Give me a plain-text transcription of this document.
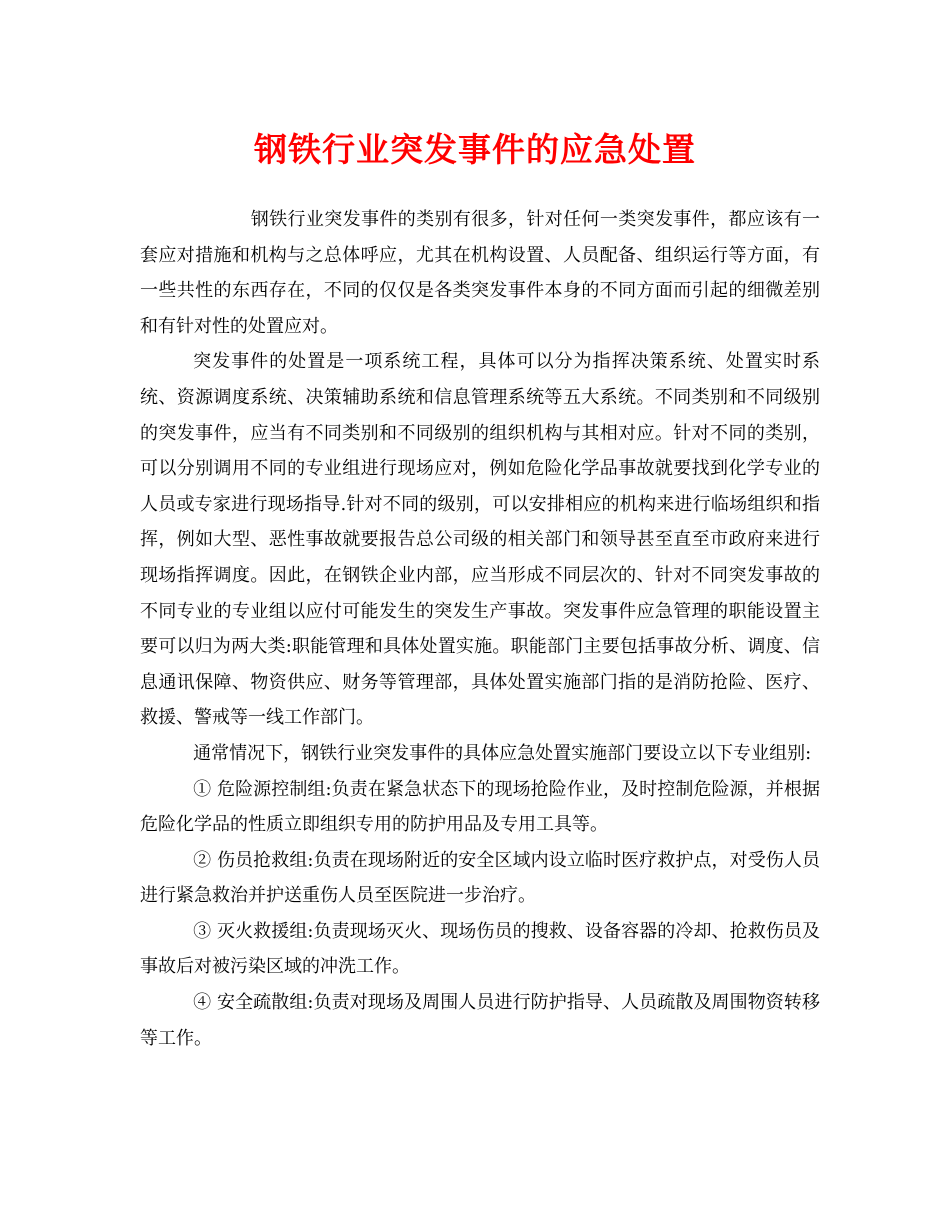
钢铁行业突发事件的应急处置

钢铁行业突发事件的类别有很多，针对任何一类突发事件，都应该有一套应对措施和机构与之总体呼应，尤其在机构设置、人员配备、组织运行等方面，有一些共性的东西存在，不同的仅仅是各类突发事件本身的不同方面而引起的细微差别和有针对性的处置应对。

突发事件的处置是一项系统工程，具体可以分为指挥决策系统、处置实时系统、资源调度系统、决策辅助系统和信息管理系统等五大系统。不同类别和不同级别的突发事件，应当有不同类别和不同级别的组织机构与其相对应。针对不同的类别，可以分别调用不同的专业组进行现场应对，例如危险化学品事故就要找到化学专业的人员或专家进行现场指导.针对不同的级别，可以安排相应的机构来进行临场组织和指挥，例如大型、恶性事故就要报告总公司级的相关部门和领导甚至直至市政府来进行现场指挥调度。因此，在钢铁企业内部，应当形成不同层次的、针对不同突发事故的不同专业的专业组以应付可能发生的突发生产事故。突发事件应急管理的职能设置主要可以归为两大类:职能管理和具体处置实施。职能部门主要包括事故分析、调度、信息通讯保障、物资供应、财务等管理部，具体处置实施部门指的是消防抢险、医疗、救援、警戒等一线工作部门。

通常情况下，钢铁行业突发事件的具体应急处置实施部门要设立以下专业组别:

① 危险源控制组:负责在紧急状态下的现场抢险作业，及时控制危险源，并根据危险化学品的性质立即组织专用的防护用品及专用工具等。

② 伤员抢救组:负责在现场附近的安全区域内设立临时医疗救护点，对受伤人员进行紧急救治并护送重伤人员至医院进一步治疗。

③ 灭火救援组:负责现场灭火、现场伤员的搜救、设备容器的冷却、抢救伤员及事故后对被污染区域的冲洗工作。

④ 安全疏散组:负责对现场及周围人员进行防护指导、人员疏散及周围物资转移等工作。
